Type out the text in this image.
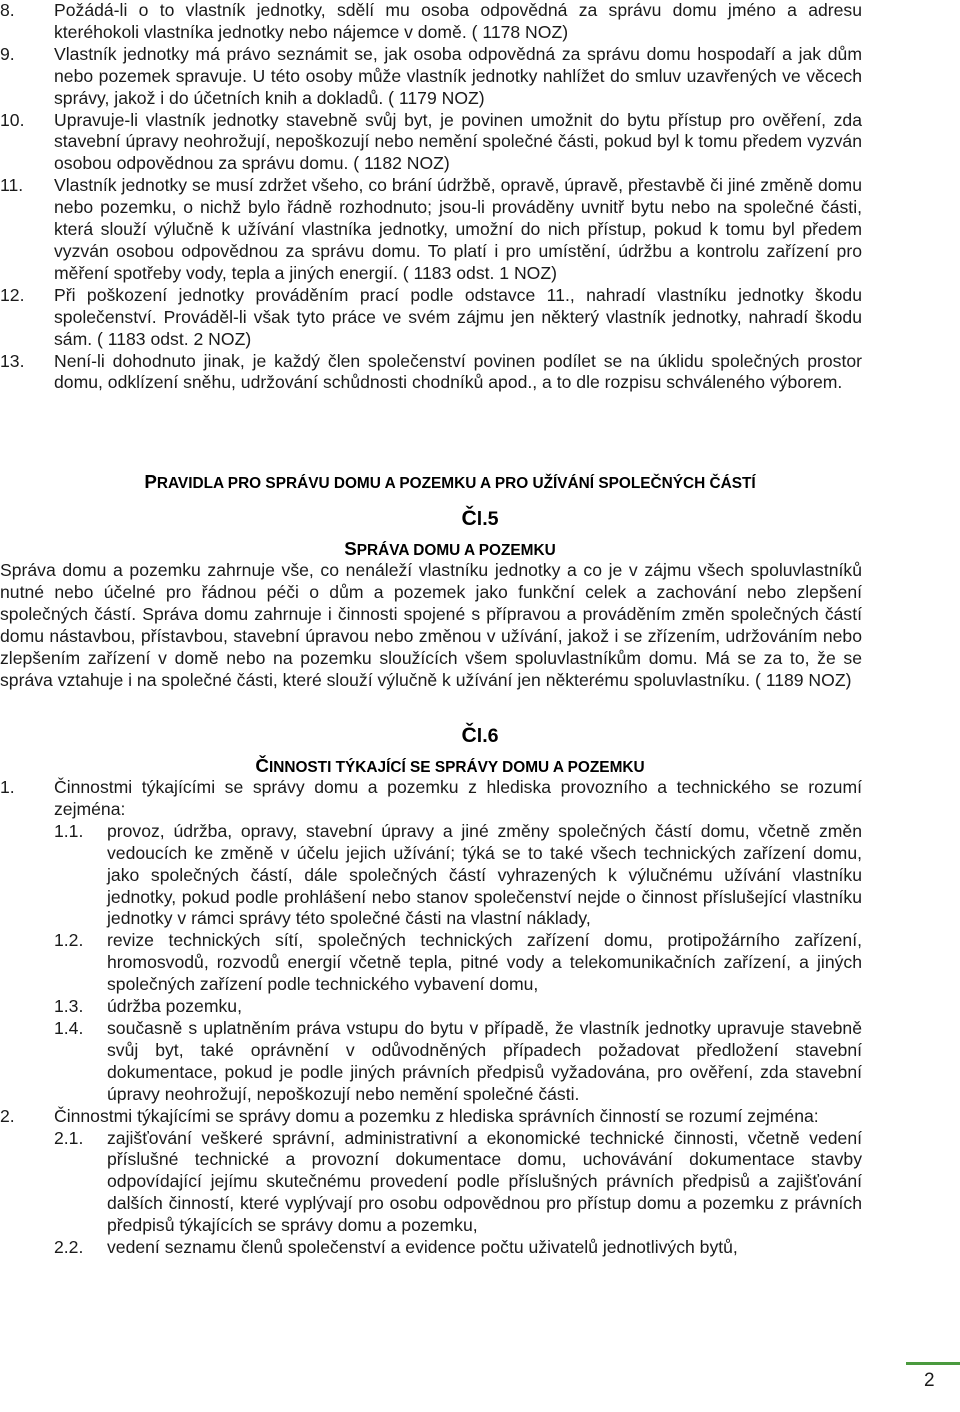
8. Požádá-li o to vlastník jednotky, sdělí mu osoba odpovědná za správu domu jméno a adresu kteréhokoli vlastníka jednotky nebo nájemce v domě. ( 1178 NOZ)
9. Vlastník jednotky má právo seznámit se, jak osoba odpovědná za správu domu hospodaří a jak dům nebo pozemek spravuje. U této osoby může vlastník jednotky nahlížet do smluv uzavřených ve věcech správy, jakož i do účetních knih a dokladů. ( 1179 NOZ)
10. Upravuje-li vlastník jednotky stavebně svůj byt, je povinen umožnit do bytu přístup pro ověření, zda stavební úpravy neohrožují, nepoškozují nebo nemění společné části, pokud byl k tomu předem vyzván osobou odpovědnou za správu domu. ( 1182 NOZ)
11. Vlastník jednotky se musí zdržet všeho, co brání údržbě, opravě, úpravě, přestavbě či jiné změně domu nebo pozemku, o nichž bylo řádně rozhodnuto; jsou-li prováděny uvnitř bytu nebo na společné části, která slouží výlučně k užívání vlastníka jednotky, umožní do nich přístup, pokud k tomu byl předem vyzván osobou odpovědnou za správu domu. To platí i pro umístění, údržbu a kontrolu zařízení pro měření spotřeby vody, tepla a jiných energií. ( 1183 odst. 1 NOZ)
12. Při poškození jednotky prováděním prací podle odstavce 11., nahradí vlastníku jednotky škodu společenství. Prováděl-li však tyto práce ve svém zájmu jen některý vlastník jednotky, nahradí škodu sám. ( 1183 odst. 2 NOZ)
13. Není-li dohodnuto jinak, je každý člen společenství povinen podílet se na úklidu společných prostor domu, odklízení sněhu, udržování schůdnosti chodníků apod., a to dle rozpisu schváleného výborem.
PRAVIDLA PRO SPRÁVU DOMU A POZEMKU A PRO UŽÍVÁNÍ SPOLEČNÝCH ČÁSTÍ
Čl.5
SPRÁVA DOMU A POZEMKU
Správa domu a pozemku zahrnuje vše, co nenáleží vlastníku jednotky a co je v zájmu všech spoluvlastníků nutné nebo účelné pro řádnou péči o dům a pozemek jako funkční celek a zachování nebo zlepšení společných částí. Správa domu zahrnuje i činnosti spojené s přípravou a prováděním změn společných částí domu nástavbou, přístavbou, stavební úpravou nebo změnou v užívání, jakož i se zřízením, udržováním nebo zlepšením zařízení v domě nebo na pozemku sloužících všem spoluvlastníkům domu. Má se za to, že se správa vztahuje i na společné části, které slouží výlučně k užívání jen některému spoluvlastníku. ( 1189 NOZ)
Čl.6
ČINNOSTI TÝKAJÍCÍ SE SPRÁVY DOMU A POZEMKU
1. Činnostmi týkajícími se správy domu a pozemku z hlediska provozního a technického se rozumí zejména:
1.1. provoz, údržba, opravy, stavební úpravy a jiné změny společných částí domu, včetně změn vedoucích ke změně v účelu jejich užívání; týká se to také všech technických zařízení domu, jako společných částí, dále společných částí vyhrazených k výlučnému užívání vlastníku jednotky, pokud podle prohlášení nebo stanov společenství nejde o činnost příslušející vlastníku jednotky v rámci správy této společné části na vlastní náklady,
1.2. revize technických sítí, společných technických zařízení domu, protipožárního zařízení, hromosvodů, rozvodů energií včetně tepla, pitné vody a telekomunikačních zařízení, a jiných společných zařízení podle technického vybavení domu,
1.3. údržba pozemku,
1.4. současně s uplatněním práva vstupu do bytu v případě, že vlastník jednotky upravuje stavebně svůj byt, také oprávnění v odůvodněných případech požadovat předložení stavební dokumentace, pokud je podle jiných právních předpisů vyžadována, pro ověření, zda stavební úpravy neohrožují, nepoškozují nebo nemění společné části.
2. Činnostmi týkajícími se správy domu a pozemku z hlediska správních činností se rozumí zejména:
2.1. zajišťování veškeré správní, administrativní a ekonomické technické činnosti, včetně vedení příslušné technické a provozní dokumentace domu, uchovávání dokumentace stavby odpovídající jejímu skutečnému provedení podle příslušných právních předpisů a zajišťování dalších činností, které vyplývají pro osobu odpovědnou pro přístup domu a pozemku z právních předpisů týkajících se správy domu a pozemku,
2.2. vedení seznamu členů společenství a evidence počtu uživatelů jednotlivých bytů,
2
